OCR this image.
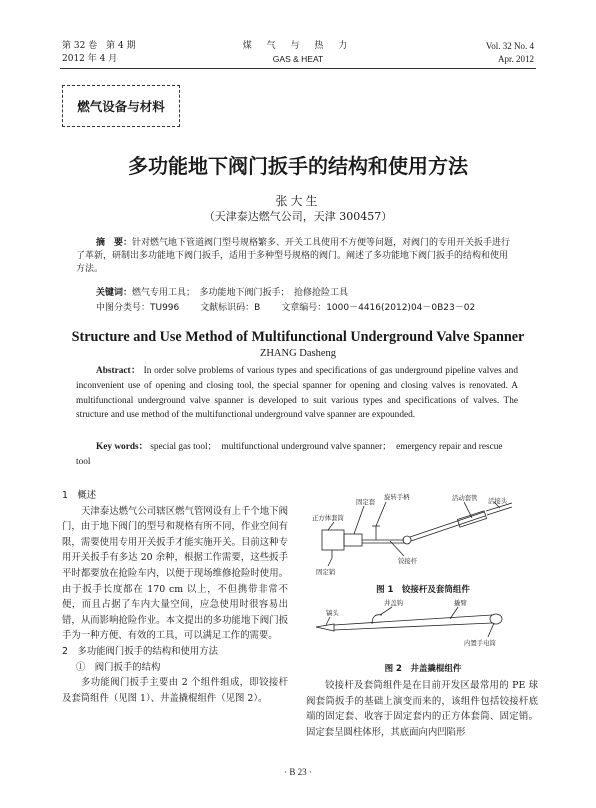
第 32 卷　第 4 期
2012 年 4 月
煤 气 与 热 力
GAS & HEAT
Vol. 32 No. 4
Apr. 2012
燃气设备与材料
多功能地下阀门扳手的结构和使用方法
张大生
（天津泰达燃气公司，天津 300457）

摘　要：针对燃气地下管道阀门型号规格繁多、开关工具使用不方便等问题，对阀门的专用开关扳手进行了革新，研制出多功能地下阀门扳手，适用于多种型号规格的阀门。阐述了多功能地下阀门扳手的结构和使用方法。

关键词：燃气专用工具；　多功能地下阀门扳手；　抢修抢险工具
中图分类号：TU996 文献标识码：B 文章编号：1000－4416(2012)04－0B23－02
Structure and Use Method of Multifunctional Underground Valve Spanner
ZHANG Dasheng
Abstract： In order solve problems of various types and specifications of gas underground pipeline valves and inconvenient use of opening and closing tool, the special spanner for opening and closing valves is renovated. A multifunctional underground valve spanner is developed to suit various types and specifications of valves. The structure and use method of the multifunctional underground valve spanner are expounded.
Key words： special gas tool；　multifunctional underground valve spanner；　emergency repair and rescue tool
1　概述

天津泰达燃气公司辖区燃气管网设有上千个地下阀门，由于地下阀门的型号和规格有所不同，作业空间有限，需要使用专用开关扳手才能实施开关。目前这种专用开关扳手有多达 20 余种，根据工作需要，这些扳手平时都要放在抢险车内，以便于现场维修抢险时使用。由于扳手长度都在 170 cm 以上，不但携带非常不便，而且占据了车内大量空间，应急使用时很容易出错，从而影响抢险作业。本文提出的多功能地下阀门扳手为一种方便、有效的工具，可以满足工作的需要。

2　多功能阀门扳手的结构和使用方法
①　阀门扳手的结构

多功能阀门扳手主要由 2 个组件组成，即铰接杆及套筒组件（见图 1）、井盖撬棍组件（见图 2）。

固定套
旋转手柄	活动套管 活接头
正方体套筒
铰接杆
固定销
图 1　铰接杆及套筒组件
镐头
井盖钩	撬臂
内置手电筒
图 2　井盖撬棍组件

铰接杆及套筒组件是在目前开发区最常用的 PE 球阀套筒扳手的基础上演变而来的，该组件包括铰接杆底端的固定套、收容于固定套内的正方体套筒、固定销。固定套呈圆柱体形，其底面向内凹陷形

· B 23 ·
